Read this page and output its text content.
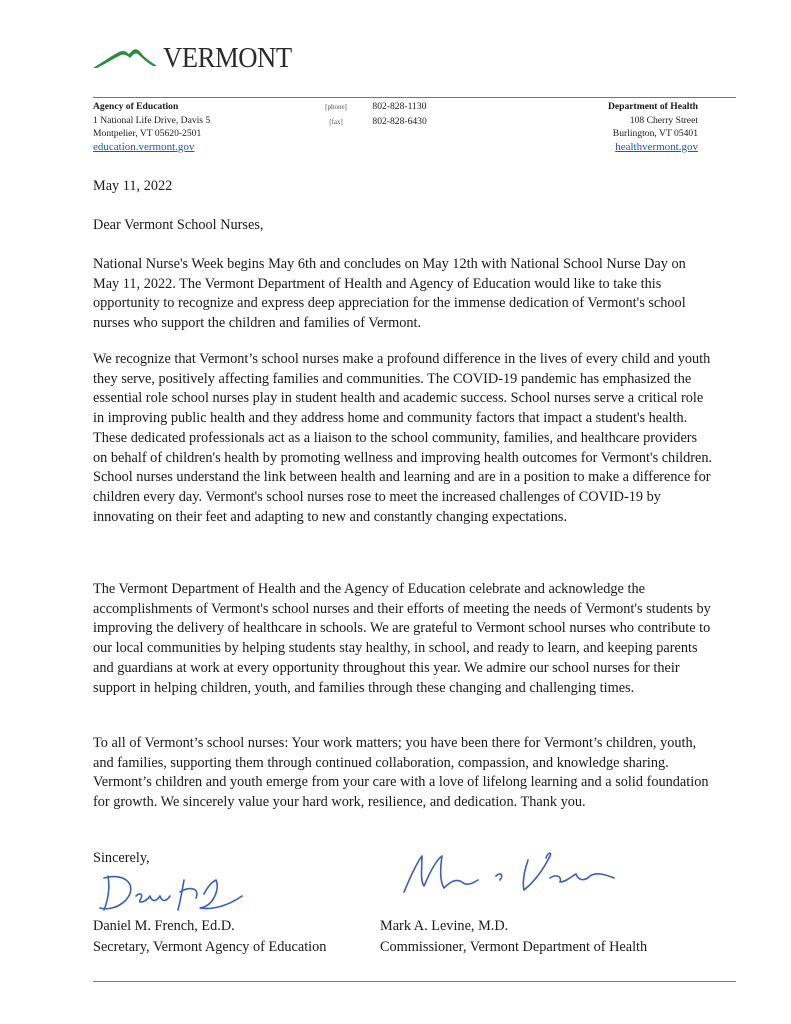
VERMONT
Agency of Education
1 National Life Drive, Davis 5
Montpelier, VT 05620-2501
education.vermont.gov
[phone]	802-828-1130
[fax]	802-828-6430
Department of Health
108 Cherry Street
Burlington, VT 05401
healthvermont.gov
May 11, 2022
Dear Vermont School Nurses,

National Nurse's Week begins May 6th and concludes on May 12th with National School Nurse Day on May 11, 2022. The Vermont Department of Health and Agency of Education would like to take this opportunity to recognize and express deep appreciation for the immense dedication of Vermont's school nurses who support the children and families of Vermont.

We recognize that Vermont’s school nurses make a profound difference in the lives of every child and youth they serve, positively affecting families and communities. The COVID-19 pandemic has emphasized the essential role school nurses play in student health and academic success. School nurses serve a critical role in improving public health and they address home and community factors that impact a student's health. These dedicated professionals act as a liaison to the school community, families, and healthcare providers on behalf of children's health by promoting wellness and improving health outcomes for Vermont's children. School nurses understand the link between health and learning and are in a position to make a difference for children every day. Vermont's school nurses rose to meet the increased challenges of COVID-19 by innovating on their feet and adapting to new and constantly changing expectations.

The Vermont Department of Health and the Agency of Education celebrate and acknowledge the accomplishments of Vermont's school nurses and their efforts of meeting the needs of Vermont's students by improving the delivery of healthcare in schools. We are grateful to Vermont school nurses who contribute to our local communities by helping students stay healthy, in school, and ready to learn, and keeping parents and guardians at work at every opportunity throughout this year. We admire our school nurses for their support in helping children, youth, and families through these changing and challenging times.

To all of Vermont’s school nurses: Your work matters; you have been there for Vermont’s children, youth, and families, supporting them through continued collaboration, compassion, and knowledge sharing. Vermont’s children and youth emerge from your care with a love of lifelong learning and a solid foundation for growth. We sincerely value your hard work, resilience, and dedication. Thank you.

Sincerely,
Daniel M. French, Ed.D.
Secretary, Vermont Agency of Education
Mark A. Levine, M.D.
Commissioner, Vermont Department of Health
